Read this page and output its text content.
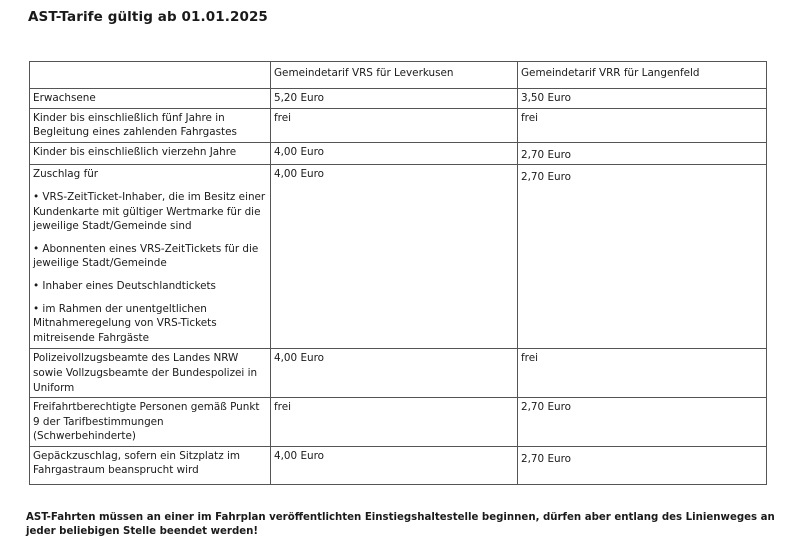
AST-Tarife gültig ab 01.01.2025
	Gemeindetarif VRS für Leverkusen	Gemeindetarif VRR für Langenfeld
Erwachsene	5,20 Euro	3,50 Euro
Kinder bis einschließlich fünf Jahre in Begleitung eines zahlenden Fahrgastes	frei	frei
Kinder bis einschließlich vierzehn Jahre	4,00 Euro	2,70 Euro

Zuschlag für
• VRS-ZeitTicket-Inhaber, die im Besitz einer Kundenkarte mit gültiger Wertmarke für die jeweilige Stadt/Gemeinde sind
• Abonnenten eines VRS-ZeitTickets für die jeweilige Stadt/Gemeinde
• Inhaber eines Deutschlandtickets
• im Rahmen der unentgeltlichen Mitnahmeregelung von VRS-Tickets mitreisende Fahrgäste	4,00 Euro	2,70 Euro
Polizeivollzugsbeamte des Landes NRW sowie Vollzugsbeamte der Bundespolizei in Uniform	4,00 Euro	frei
Freifahrtberechtigte Personen gemäß Punkt 9 der Tarifbestimmungen (Schwerbehinderte)	frei	2,70 Euro
Gepäckzuschlag, sofern ein Sitzplatz im Fahrgastraum beansprucht wird	4,00 Euro	2,70 Euro

AST-Fahrten müssen an einer im Fahrplan veröffentlichten Einstiegshaltestelle beginnen, dürfen aber entlang des Linienweges an jeder beliebigen Stelle beendet werden!
